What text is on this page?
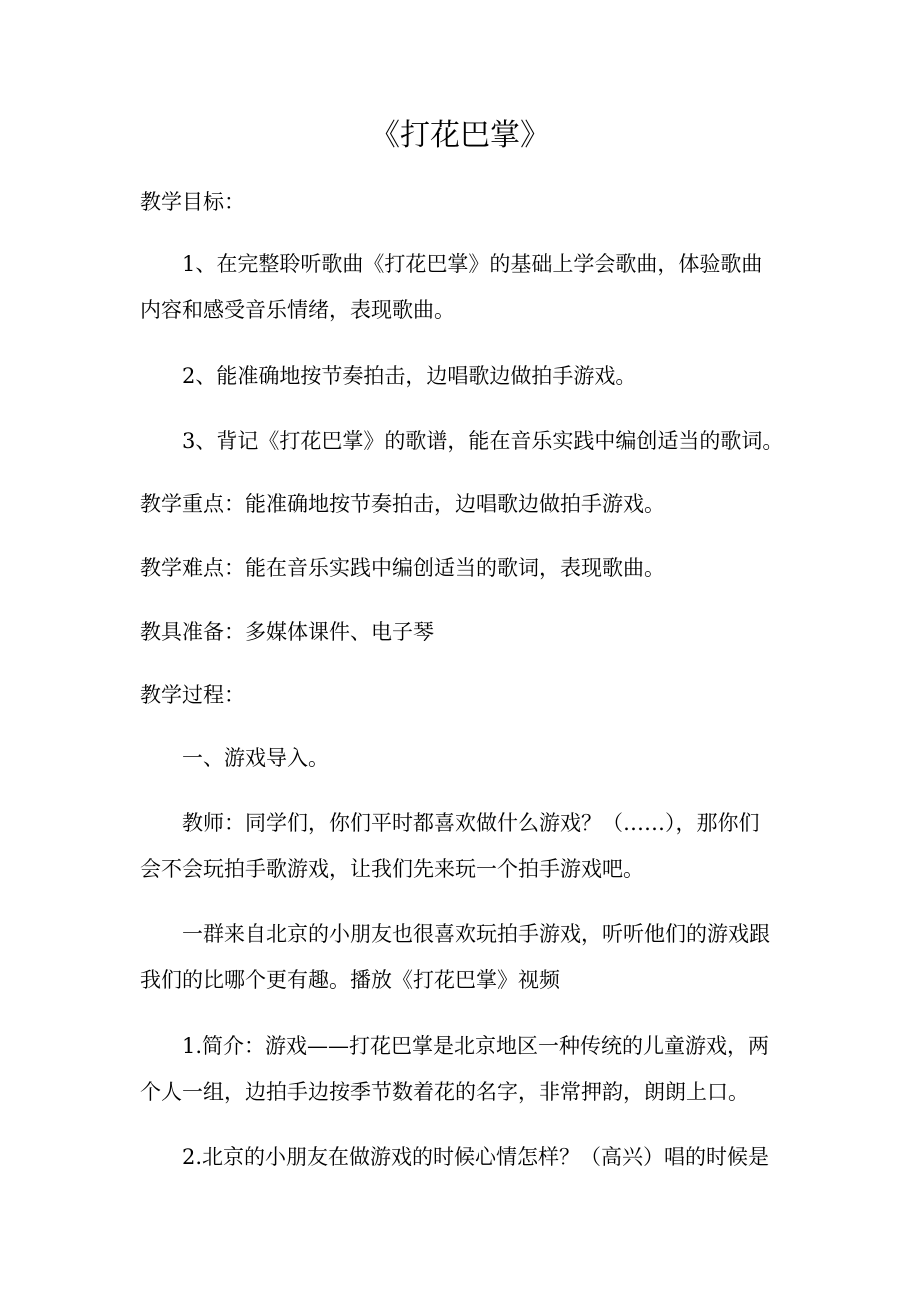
《打花巴掌》

教学目标：

1、在完整聆听歌曲《打花巴掌》的基础上学会歌曲，体验歌曲

内容和感受音乐情绪，表现歌曲。

2、能准确地按节奏拍击，边唱歌边做拍手游戏。

3、背记《打花巴掌》的歌谱，能在音乐实践中编创适当的歌词。

教学重点：能准确地按节奏拍击，边唱歌边做拍手游戏。

教学难点：能在音乐实践中编创适当的歌词，表现歌曲。

教具准备：多媒体课件、电子琴

教学过程：

一、游戏导入。

教师：同学们，你们平时都喜欢做什么游戏？（……），那你们

会不会玩拍手歌游戏，让我们先来玩一个拍手游戏吧。

一群来自北京的小朋友也很喜欢玩拍手游戏，听听他们的游戏跟

我们的比哪个更有趣。播放《打花巴掌》视频

1.简介：游戏——打花巴掌是北京地区一种传统的儿童游戏，两

个人一组，边拍手边按季节数着花的名字，非常押韵，朗朗上口。

2.北京的小朋友在做游戏的时候心情怎样？（高兴）唱的时候是
